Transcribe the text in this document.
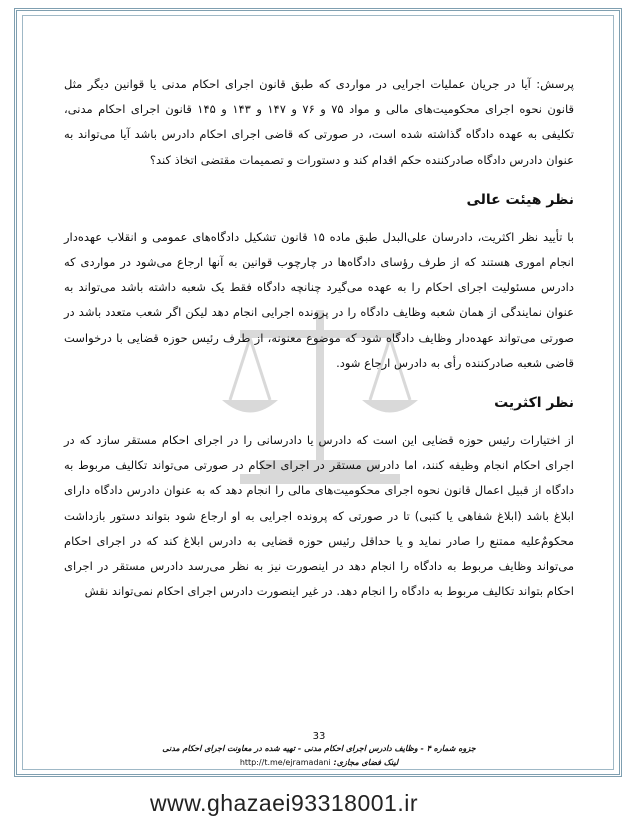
پرسش: آیا در جریان عملیات اجرایی در مواردی که طبق قانون اجرای احکام مدنی یا قوانین دیگر مثل قانون نحوه اجرای محکومیت‌های مالی و مواد ۷۵ و ۷۶ و ۱۴۷ و ۱۴۳ و ۱۴۵ قانون اجرای احکام مدنی، تکلیفی به عهده دادگاه گذاشته شده است، در صورتی که قاضی اجرای احکام دادرس باشد آیا می‌تواند به عنوان دادرس دادگاه صادرکننده حکم اقدام کند و دستورات و تصمیمات مقتضی اتخاذ کند؟

نظر هیئت عالی

با تأیید نظر اکثریت، دادرسان علی‌البدل طبق ماده ۱۵ قانون تشکیل دادگاه‌های عمومی و انقلاب عهده‌دار انجام اموری هستند که از طرف رؤسای دادگاه‌ها در چارچوب قوانین به آنها ارجاع می‌شود در مواردی که دادرس مسئولیت اجرای احکام را به عهده می‌گیرد چنانچه دادگاه فقط یک شعبه داشته باشد می‌تواند به عنوان نمایندگی از همان شعبه وظایف دادگاه را در پرونده اجرایی انجام دهد لیکن اگر شعب متعدد باشد در صورتی می‌تواند عهده‌دار وظایف دادگاه شود که موضوع معنونه، از طرف رئیس حوزه قضایی با درخواست قاضی شعبه صادرکننده رأی به دادرس ارجاع شود.

نظر اکثریت

از اختیارات رئیس حوزه قضایی این است که دادرس یا دادرسانی را در اجرای احکام مستقر سازد که در اجرای احکام انجام وظیفه کنند، اما دادرس مستقر در اجرای احکام در صورتی می‌تواند تکالیف مربوط به دادگاه از قبیل اعمال قانون نحوه اجرای محکومیت‌های مالی را انجام دهد که به عنوان دادرس دادگاه دارای ابلاغ باشد (ابلاغ شفاهی یا کتبی) تا در صورتی که پرونده اجرایی به او ارجاع شود بتواند دستور بازداشت محکومٌ‌علیه ممتنع را صادر نماید و یا حداقل رئیس حوزه قضایی به دادرس ابلاغ کند که در اجرای احکام می‌تواند وظایف مربوط به دادگاه را انجام دهد در اینصورت نیز به نظر می‌رسد دادرس مستقر در اجرای احکام بتواند تکالیف مربوط به دادگاه را انجام دهد. در غیر اینصورت دادرس اجرای احکام نمی‌تواند نقش

33
جزوه شماره ۴ - وظایف دادرس اجرای احکام مدنی - تهیه شده در معاونت اجرای احکام مدنی
لینک فضای مجازی: http://t.me/ejramadani
www.ghazaei93318001.ir
